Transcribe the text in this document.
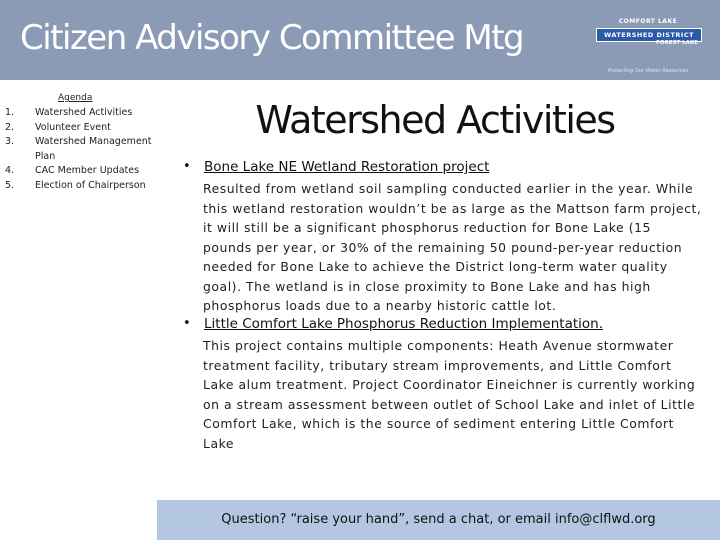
Citizen Advisory Committee Mtg	COMFORT LAKE
WATERSHED DISTRICT
FOREST LAKE
Protecting Our Water Resources
Agenda
1. Watershed Activities
2. Volunteer Event
3. Watershed Management Plan
4. CAC Member Updates
5. Election of Chairperson
Question? “raise your hand”, send a chat, or email info@clflwd.org
Watershed Activities
• Bone Lake NE Wetland Restoration project
Resulted from wetland soil sampling conducted earlier in the year. While this wetland restoration wouldn’t be as large as the Mattson farm project, it will still be a significant phosphorus reduction for Bone Lake (15 pounds per year, or 30% of the remaining 50 pound-per-year reduction needed for Bone Lake to achieve the District long-term water quality goal). The wetland is in close proximity to Bone Lake and has high phosphorus loads due to a nearby historic cattle lot.
• Little Comfort Lake Phosphorus Reduction Implementation.
This project contains multiple components: Heath Avenue stormwater treatment facility, tributary stream improvements, and Little Comfort Lake alum treatment. Project Coordinator Eineichner is currently working on a stream assessment between outlet of School Lake and inlet of Little Comfort Lake, which is the source of sediment entering Little Comfort Lake
